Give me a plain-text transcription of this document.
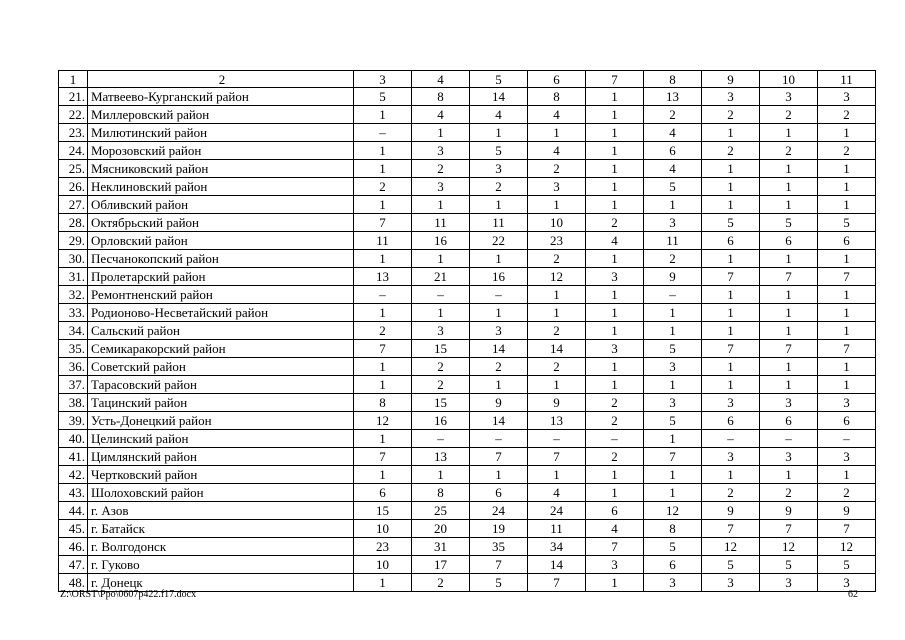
1	2	3	4	5	6	7	8	9	10	11
21.	Матвеево-Курганский район	5	8	14	8	1	13	3	3	3
22.	Миллеровский район	1	4	4	4	1	2	2	2	2
23.	Милютинский район	–	1	1	1	1	4	1	1	1
24.	Морозовский район	1	3	5	4	1	6	2	2	2
25.	Мясниковский район	1	2	3	2	1	4	1	1	1
26.	Неклиновский район	2	3	2	3	1	5	1	1	1
27.	Обливский район	1	1	1	1	1	1	1	1	1
28.	Октябрьский район	7	11	11	10	2	3	5	5	5
29.	Орловский район	11	16	22	23	4	11	6	6	6
30.	Песчанокопский район	1	1	1	2	1	2	1	1	1
31.	Пролетарский район	13	21	16	12	3	9	7	7	7
32.	Ремонтненский район	–	–	–	1	1	–	1	1	1
33.	Родионово-Несветайский район	1	1	1	1	1	1	1	1	1
34.	Сальский район	2	3	3	2	1	1	1	1	1
35.	Семикаракорский район	7	15	14	14	3	5	7	7	7
36.	Советский район	1	2	2	2	1	3	1	1	1
37.	Тарасовский район	1	2	1	1	1	1	1	1	1
38.	Тацинский район	8	15	9	9	2	3	3	3	3
39.	Усть-Донецкий район	12	16	14	13	2	5	6	6	6
40.	Целинский район	1	–	–	–	–	1	–	–	–
41.	Цимлянский район	7	13	7	7	2	7	3	3	3
42.	Чертковский район	1	1	1	1	1	1	1	1	1
43.	Шолоховский район	6	8	6	4	1	1	2	2	2
44.	г. Азов	15	25	24	24	6	12	9	9	9
45.	г. Батайск	10	20	19	11	4	8	7	7	7
46.	г. Волгодонск	23	31	35	34	7	5	12	12	12
47.	г. Гуково	10	17	7	14	3	6	5	5	5
48.	г. Донецк	1	2	5	7	1	3	3	3	3
Z:\ORST\Ppo\0607p422.f17.docx	62
